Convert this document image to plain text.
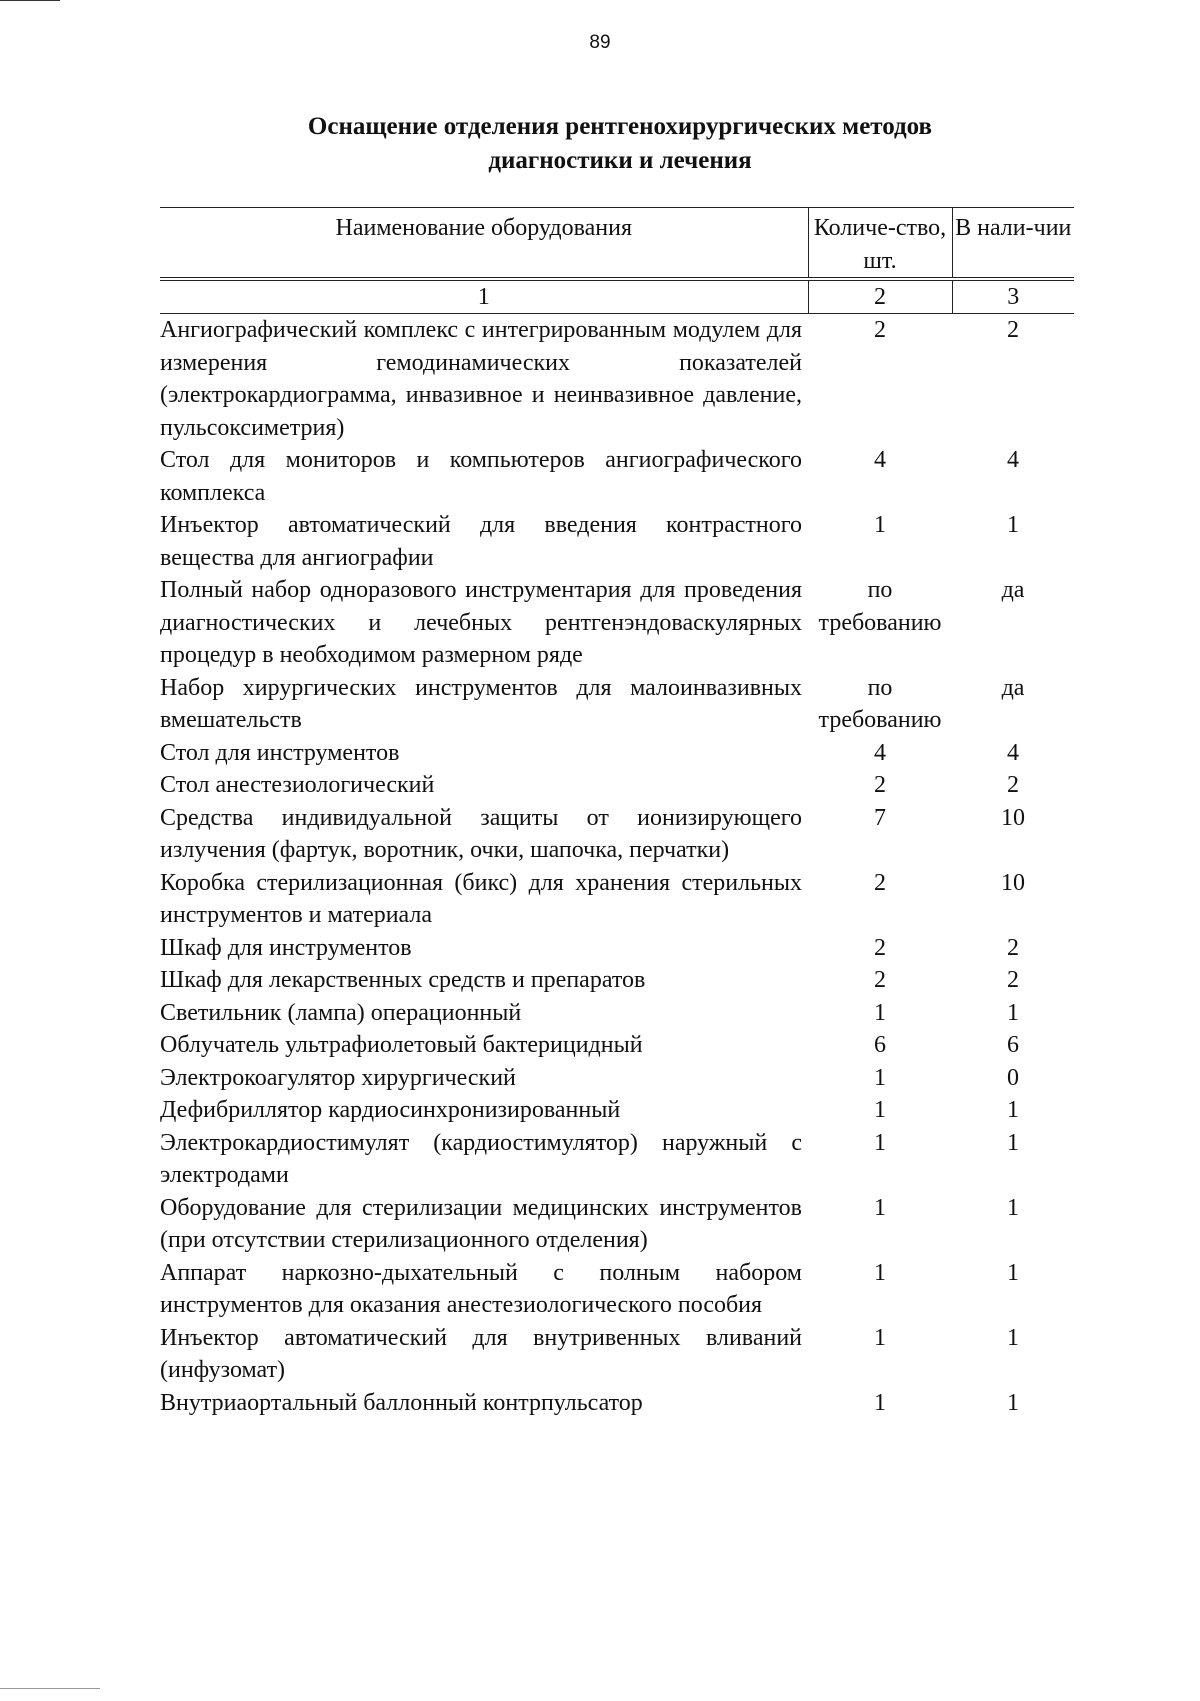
89
Оснащение отделения рентгенохирургических методов
диагностики и лечения
Наименование оборудования	Количе-ство, шт.	В нали-чии
1	2	3
Ангиографический комплекс с интегрированным модулем для измерения гемодинамических показателей (электрокардиограмма, инвазивное и неинвазивное давление, пульсоксиметрия)	2	2
Стол для мониторов и компьютеров ангиографического комплекса	4	4
Инъектор автоматический для введения контрастного вещества для ангиографии	1	1
Полный набор одноразового инструментария для проведения диагностических и лечебных рентгенэндоваскулярных процедур в необходимом размерном ряде	по требованию	да
Набор хирургических инструментов для малоинвазивных вмешательств	по требованию	да
Стол для инструментов	4	4
Стол анестезиологический	2	2
Средства индивидуальной защиты от ионизирующего излучения (фартук, воротник, очки, шапочка, перчатки)	7	10
Коробка стерилизационная (бикс) для хранения стерильных инструментов и материала	2	10
Шкаф для инструментов	2	2
Шкаф для лекарственных средств и препаратов	2	2
Светильник (лампа) операционный	1	1
Облучатель ультрафиолетовый бактерицидный	6	6
Электрокоагулятор хирургический	1	0
Дефибриллятор кардиосинхронизированный	1	1
Электрокардиостимулят (кардиостимулятор) наружный с электродами	1	1
Оборудование для стерилизации медицинских инструментов (при отсутствии стерилизационного отделения)	1	1
Аппарат наркозно-дыхательный с полным набором инструментов для оказания анестезиологического пособия	1	1
Инъектор автоматический для внутривенных вливаний (инфузомат)	1	1
Внутриаортальный баллонный контрпульсатор	1	1
